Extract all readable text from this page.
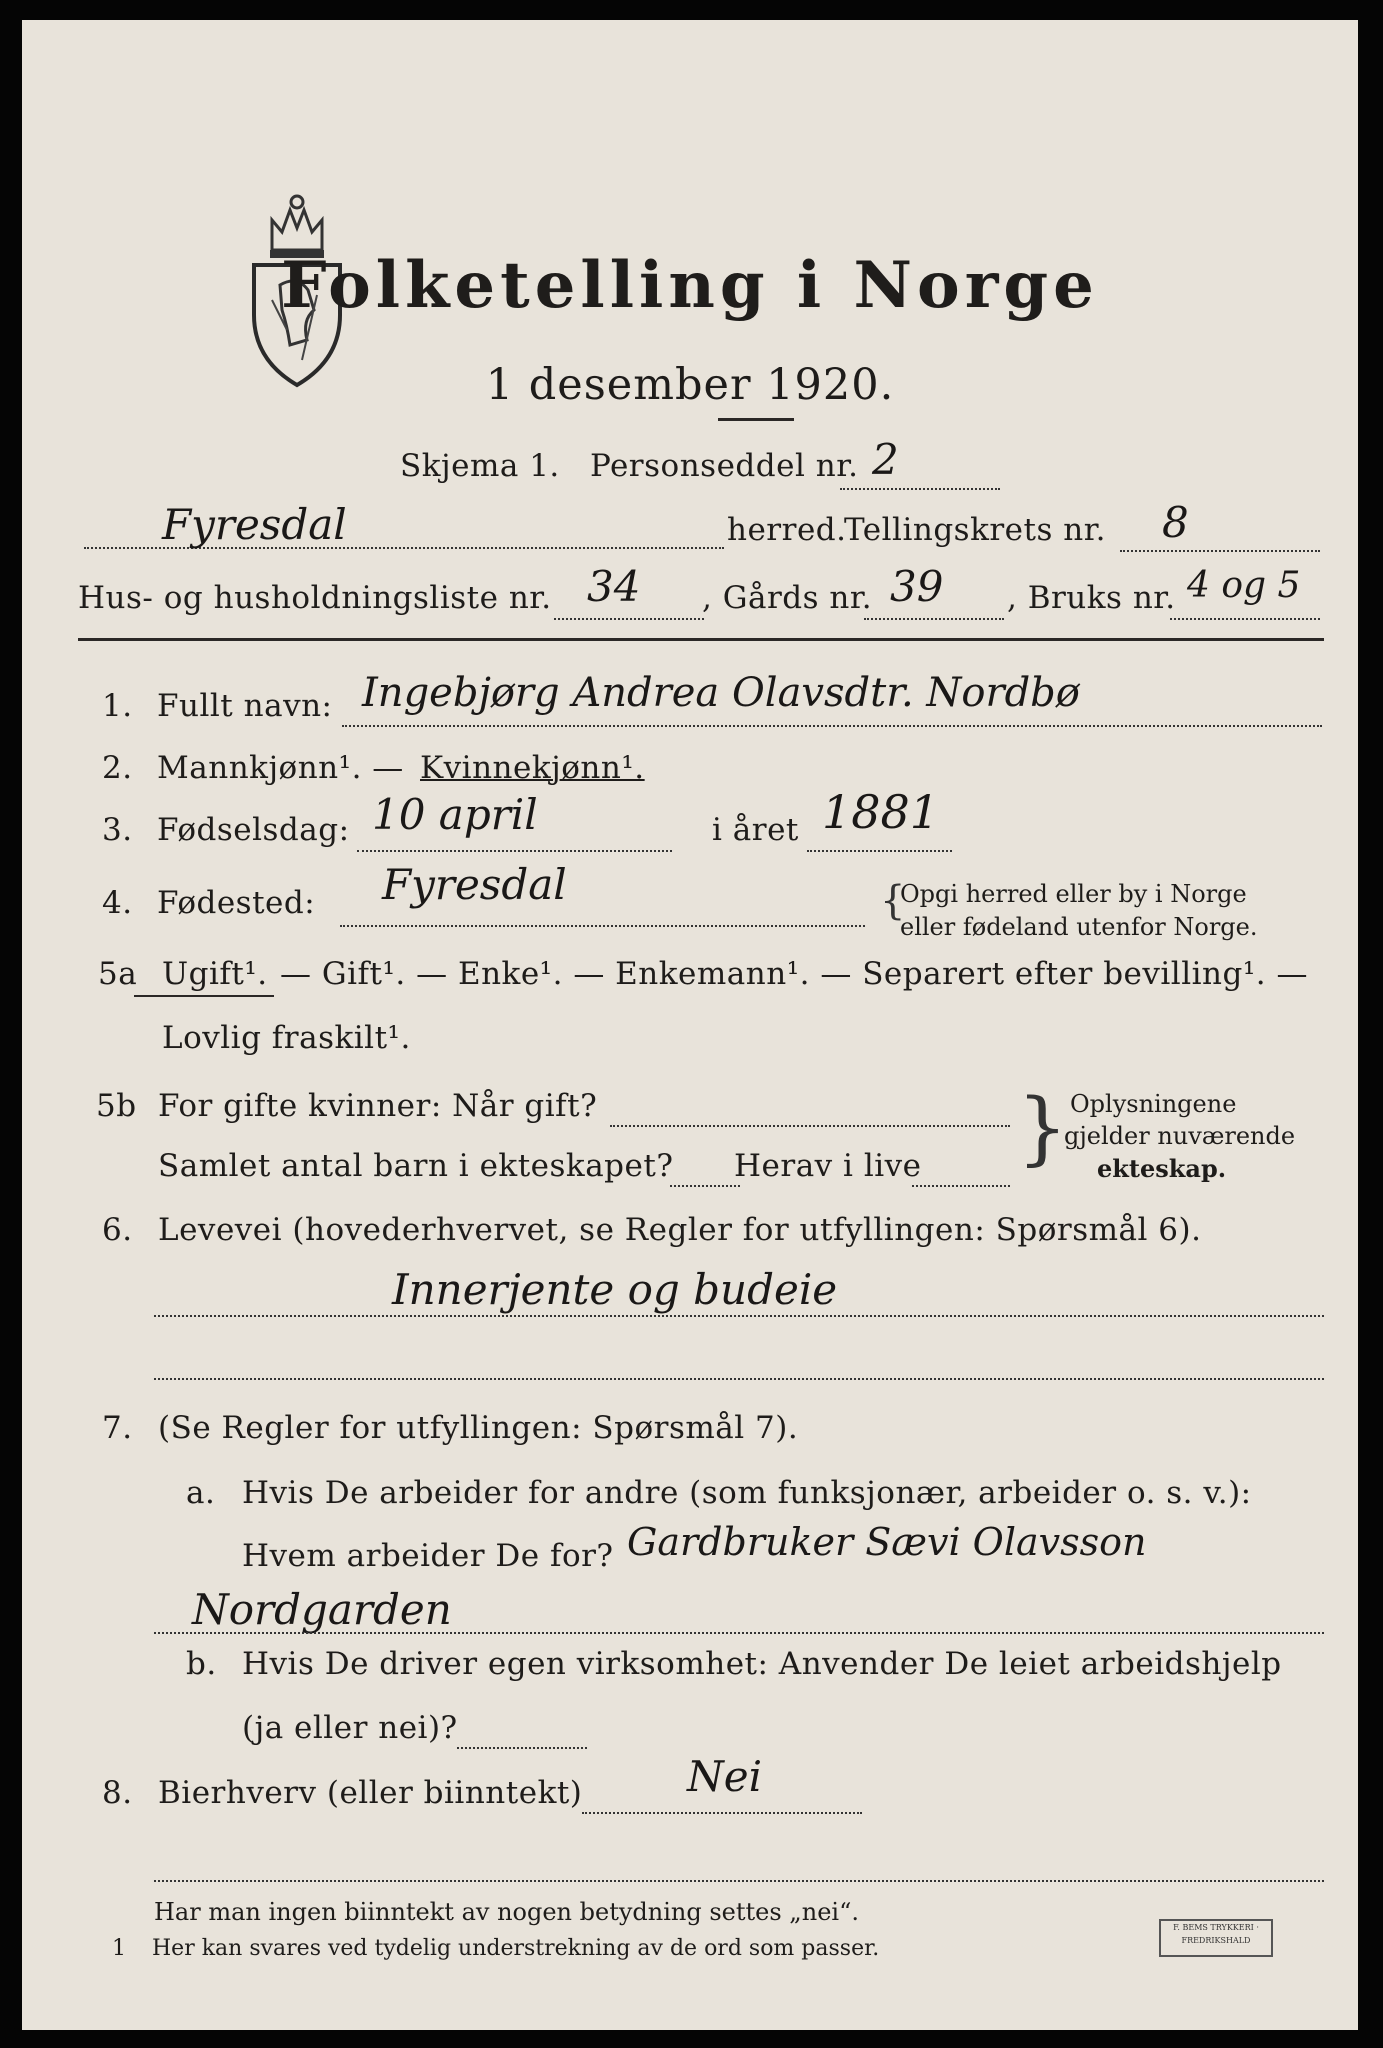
Folketelling i Norge
1 desember 1920.
Skjema 1. Personseddel nr. 2
Fyresdal	herred.
Tellingskrets nr. 8
Hus- og husholdningsliste nr. 34 , Gårds nr. 39 , Bruks nr. 4 og 5
1. Fullt navn: Ingebjørg Andrea Olavsdtr. Nordbø
2. Mannkjønn¹. — Kvinnekjønn¹.
3. Fødselsdag: 10 april	i året 1881
4. Fødested: Fyresdal	{
Opgi herred eller by i Norge
eller fødeland utenfor Norge.
5a Ugift¹. — Gift¹. — Enke¹. — Enkemann¹. — Separert efter bevilling¹. —
Lovlig fraskilt¹.
5b For gifte kvinner: Når gift?
Samlet antal barn i ekteskapet? Herav i live } Oplysningene
gjelder nuværende
ekteskap.
6. Levevei (hovederhvervet, se Regler for utfyllingen: Spørsmål 6).
Innerjente og budeie
7. (Se Regler for utfyllingen: Spørsmål 7).
a. Hvis De arbeider for andre (som funksjonær, arbeider o. s. v.):
Hvem arbeider De for? Gardbruker Sævi Olavsson
Nordgarden
b. Hvis De driver egen virksomhet: Anvender De leiet arbeidshjelp
(ja eller nei)?
8. Bierhverv (eller biinntekt) Nei
Har man ingen biinntekt av nogen betydning settes „nei“.
1 Her kan svares ved tydelig understrekning av de ord som passer.
F. BEMS TRYKKERI · FREDRIKSHALD
